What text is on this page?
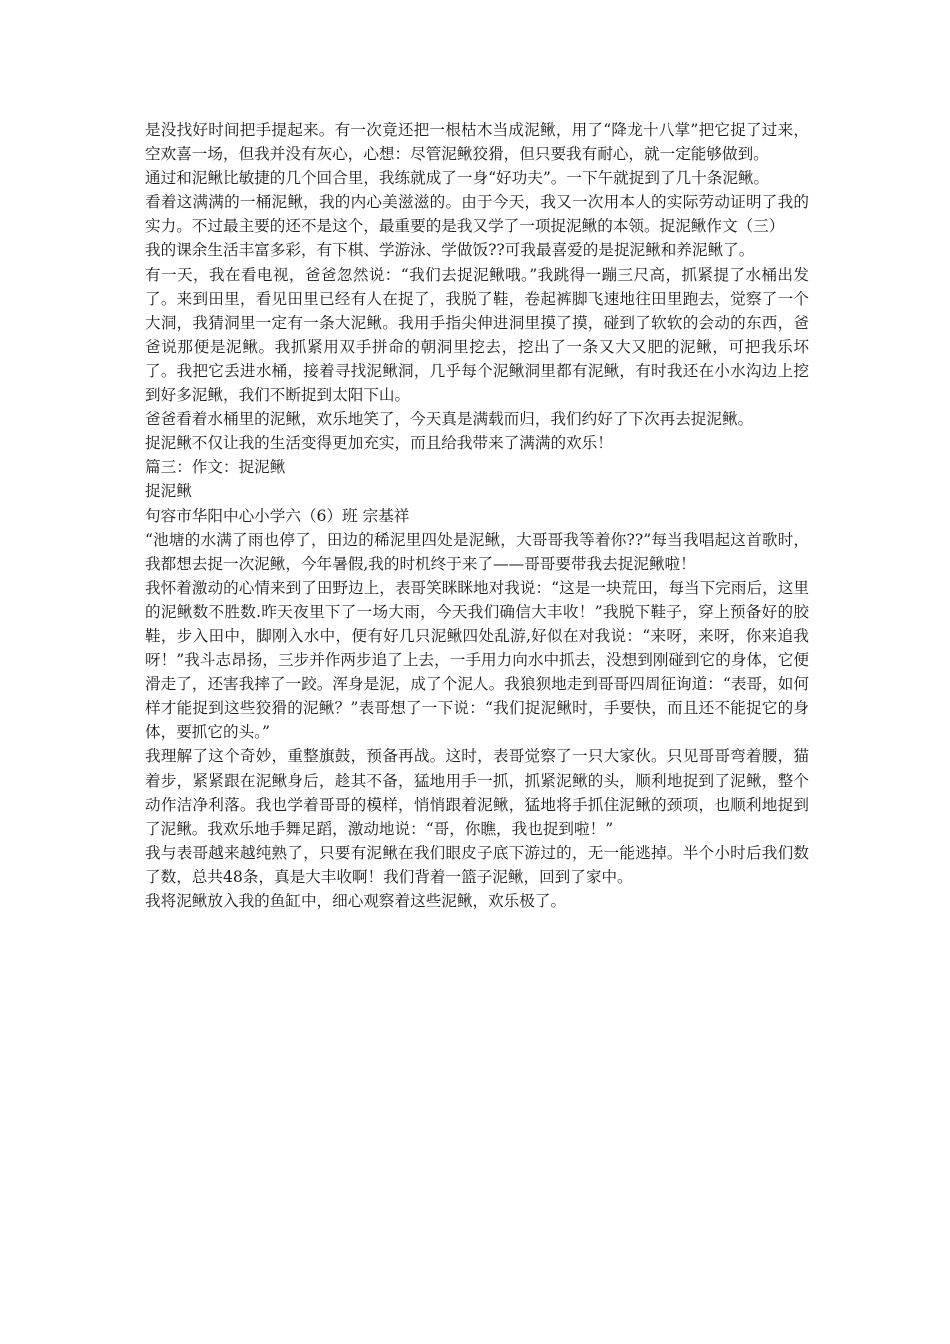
是没找好时间把手提起来。有一次竟还把一根枯木当成泥鳅，用了“降龙十八掌”把它捉了过来，空欢喜一场，但我并没有灰心，心想：尽管泥鳅狡猾，但只要我有耐心，就一定能够做到。

通过和泥鳅比敏捷的几个回合里，我练就成了一身“好功夫”。一下午就捉到了几十条泥鳅。

看着这满满的一桶泥鳅，我的内心美滋滋的。由于今天，我又一次用本人的实际劳动证明了我的实力。不过最主要的还不是这个，最重要的是我又学了一项捉泥鳅的本领。捉泥鳅作文（三）

我的课余生活丰富多彩，有下棋、学游泳、学做饭??可我最喜爱的是捉泥鳅和养泥鳅了。

有一天，我在看电视，爸爸忽然说：“我们去捉泥鳅哦。”我跳得一蹦三尺高，抓紧提了水桶出发了。来到田里，看见田里已经有人在捉了，我脱了鞋，卷起裤脚飞速地往田里跑去，觉察了一个大洞，我猜洞里一定有一条大泥鳅。我用手指尖伸进洞里摸了摸，碰到了软软的会动的东西，爸爸说那便是泥鳅。我抓紧用双手拼命的朝洞里挖去，挖出了一条又大又肥的泥鳅，可把我乐坏了。我把它丢进水桶，接着寻找泥鳅洞，几乎每个泥鳅洞里都有泥鳅，有时我还在小水沟边上挖到好多泥鳅，我们不断捉到太阳下山。

爸爸看着水桶里的泥鳅，欢乐地笑了，今天真是满载而归，我们约好了下次再去捉泥鳅。

捉泥鳅不仅让我的生活变得更加充实，而且给我带来了满满的欢乐！

篇三：作文：捉泥鳅

捉泥鳅

句容市华阳中心小学六（6）班 宗基祥

“池塘的水满了雨也停了，田边的稀泥里四处是泥鳅，大哥哥我等着你??”每当我唱起这首歌时，我都想去捉一次泥鳅，今年暑假,我的时机终于来了——哥哥要带我去捉泥鳅啦！

我怀着激动的心情来到了田野边上，表哥笑眯眯地对我说：“这是一块荒田，每当下完雨后，这里的泥鳅数不胜数.昨天夜里下了一场大雨，今天我们确信大丰收！”我脱下鞋子，穿上预备好的胶鞋，步入田中，脚刚入水中，便有好几只泥鳅四处乱游,好似在对我说：“来呀，来呀，你来追我呀！”我斗志昂扬，三步并作两步追了上去，一手用力向水中抓去，没想到刚碰到它的身体，它便滑走了，还害我摔了一跤。浑身是泥，成了个泥人。我狼狈地走到哥哥四周征询道：“表哥，如何样才能捉到这些狡猾的泥鳅？”表哥想了一下说：“我们捉泥鳅时，手要快，而且还不能捉它的身体，要抓它的头。”

我理解了这个奇妙，重整旗鼓，预备再战。这时，表哥觉察了一只大家伙。只见哥哥弯着腰，猫着步，紧紧跟在泥鳅身后，趁其不备，猛地用手一抓，抓紧泥鳅的头，顺利地捉到了泥鳅，整个动作洁净利落。我也学着哥哥的模样，悄悄跟着泥鳅，猛地将手抓住泥鳅的颈项，也顺利地捉到了泥鳅。我欢乐地手舞足蹈，激动地说：“哥，你瞧，我也捉到啦！”

我与表哥越来越纯熟了，只要有泥鳅在我们眼皮子底下游过的，无一能逃掉。半个小时后我们数了数，总共48条，真是大丰收啊！我们背着一篮子泥鳅，回到了家中。

我将泥鳅放入我的鱼缸中，细心观察着这些泥鳅，欢乐极了。
